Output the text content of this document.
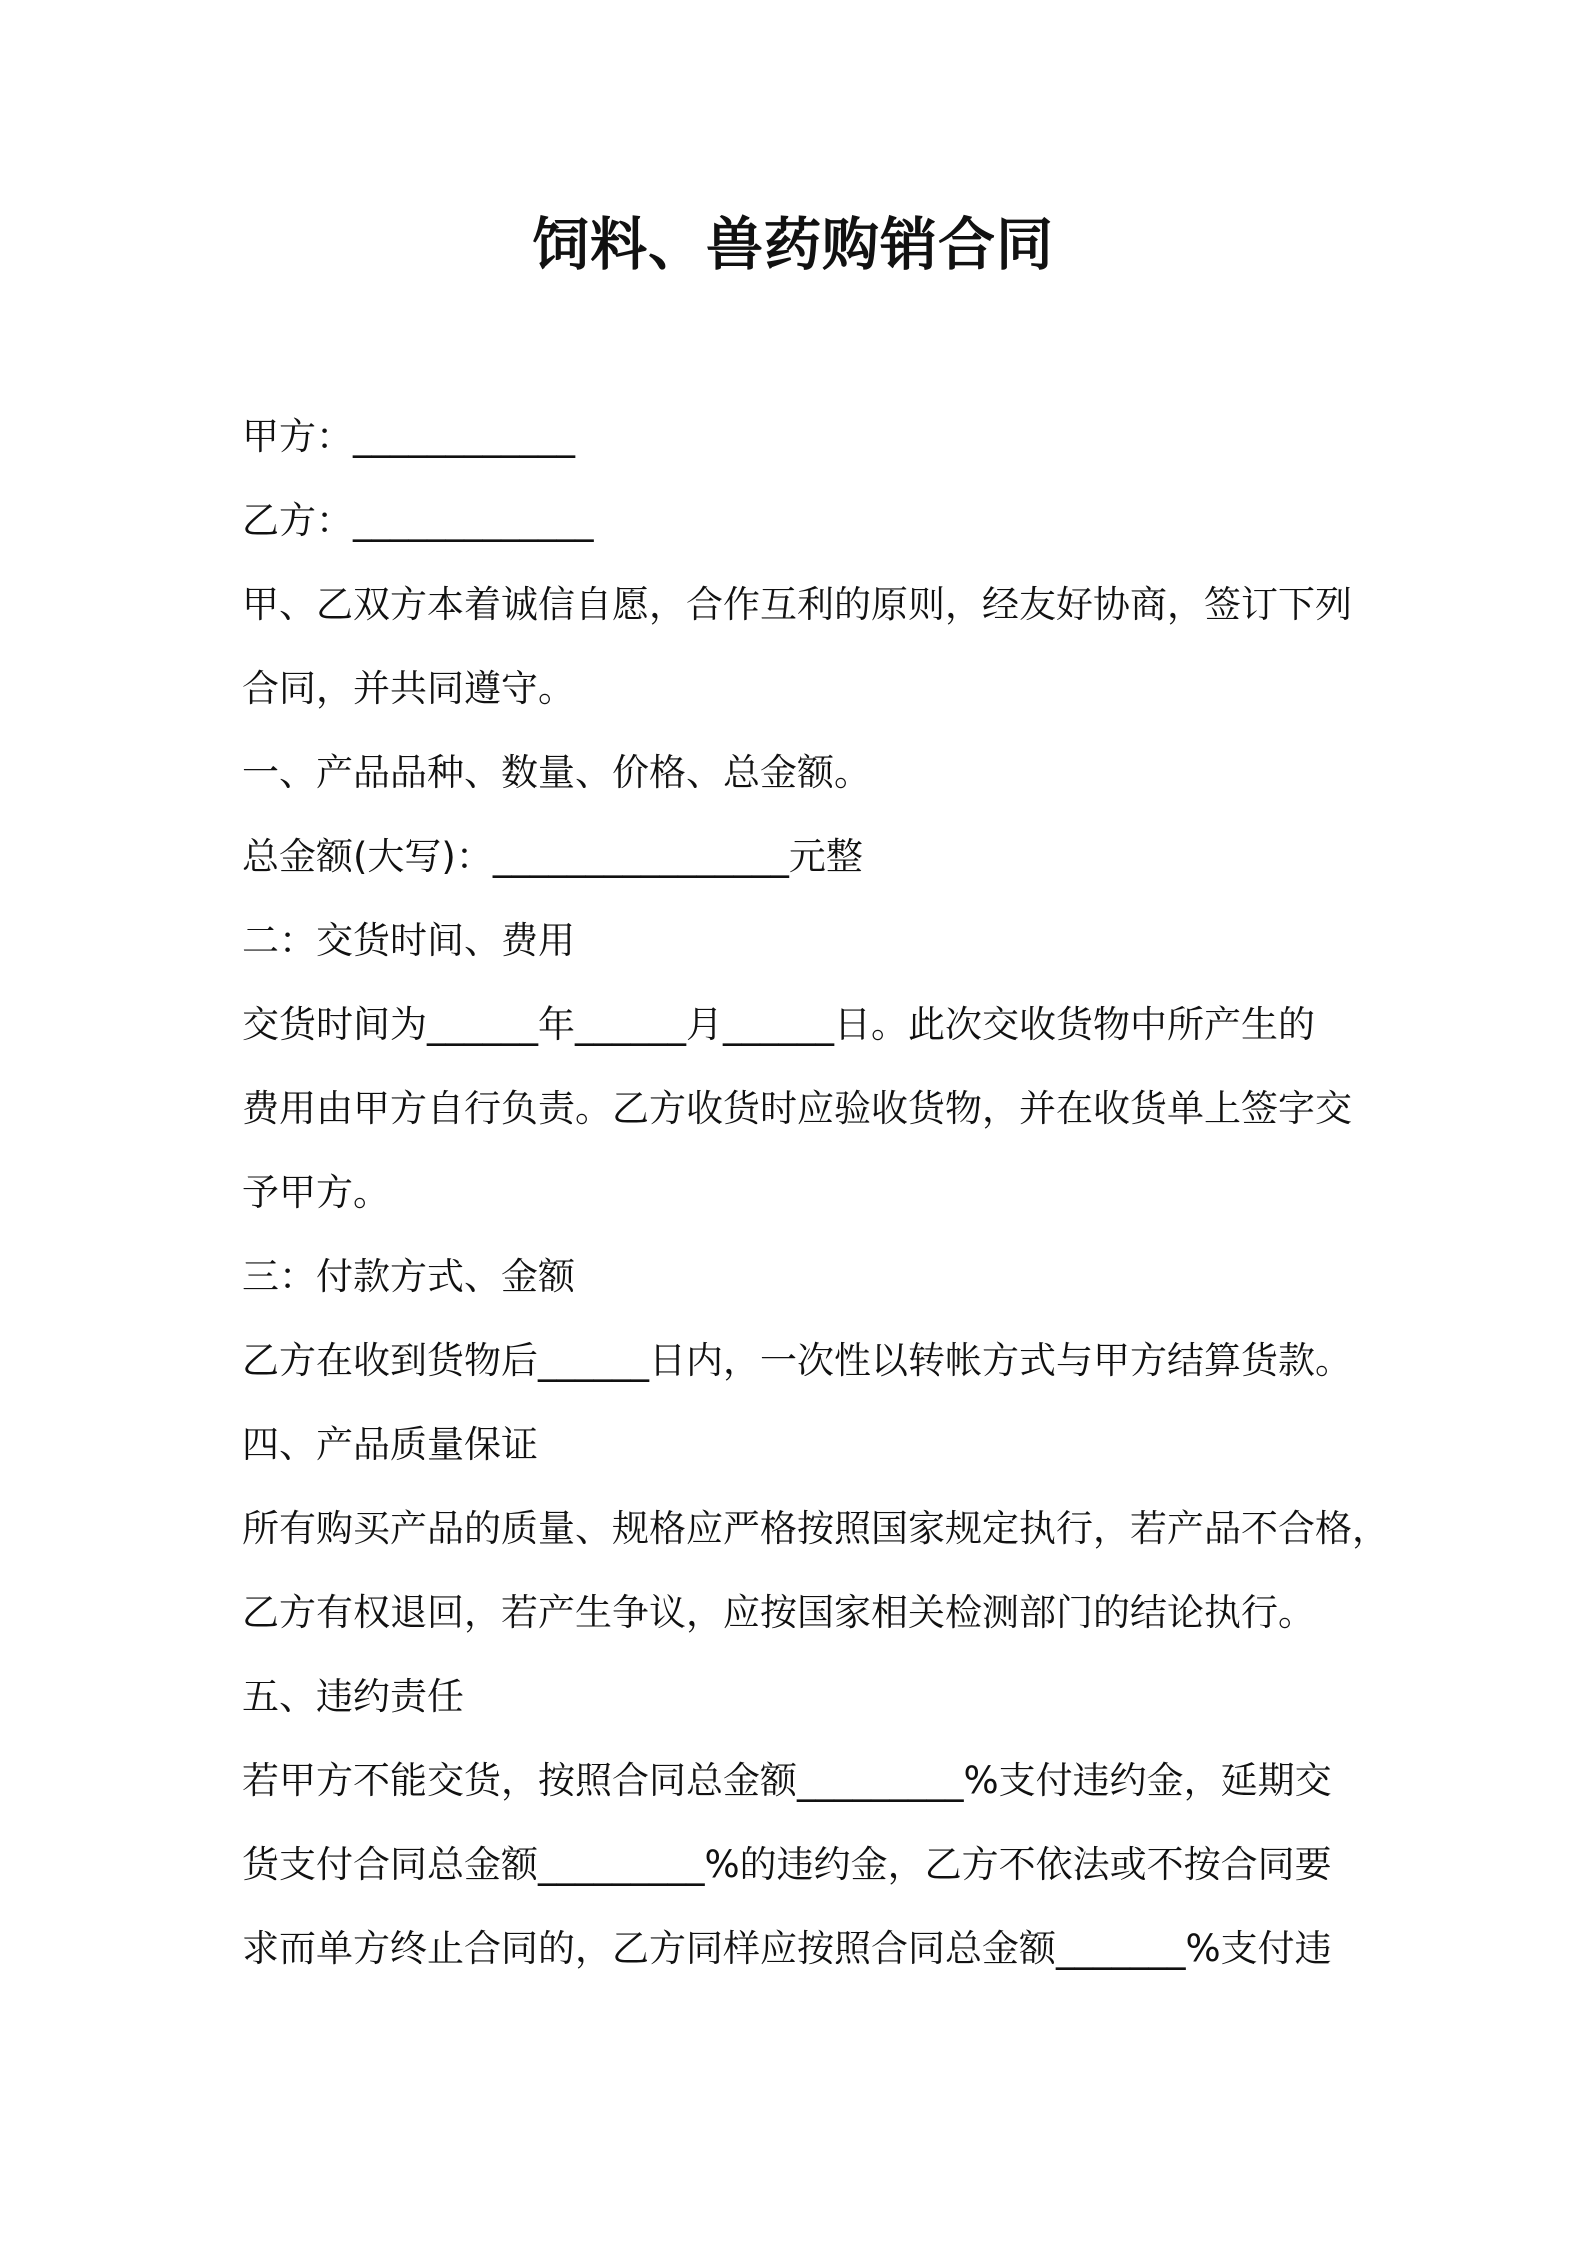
饲料、兽药购销合同
甲方：____________
乙方：_____________
甲、乙双方本着诚信自愿，合作互利的原则，经友好协商，签订下列
合同，并共同遵守。
一、产品品种、数量、价格、总金额。
总金额(大写)：________________元整
二：交货时间、费用
交货时间为______年______月______日。此次交收货物中所产生的
费用由甲方自行负责。乙方收货时应验收货物，并在收货单上签字交
予甲方。
三：付款方式、金额
乙方在收到货物后______日内，一次性以转帐方式与甲方结算货款。
四、产品质量保证
所有购买产品的质量、规格应严格按照国家规定执行，若产品不合格，
乙方有权退回，若产生争议，应按国家相关检测部门的结论执行。
五、违约责任
若甲方不能交货，按照合同总金额_________%支付违约金，延期交
货支付合同总金额_________%的违约金，乙方不依法或不按合同要
求而单方终止合同的，乙方同样应按照合同总金额_______%支付违
